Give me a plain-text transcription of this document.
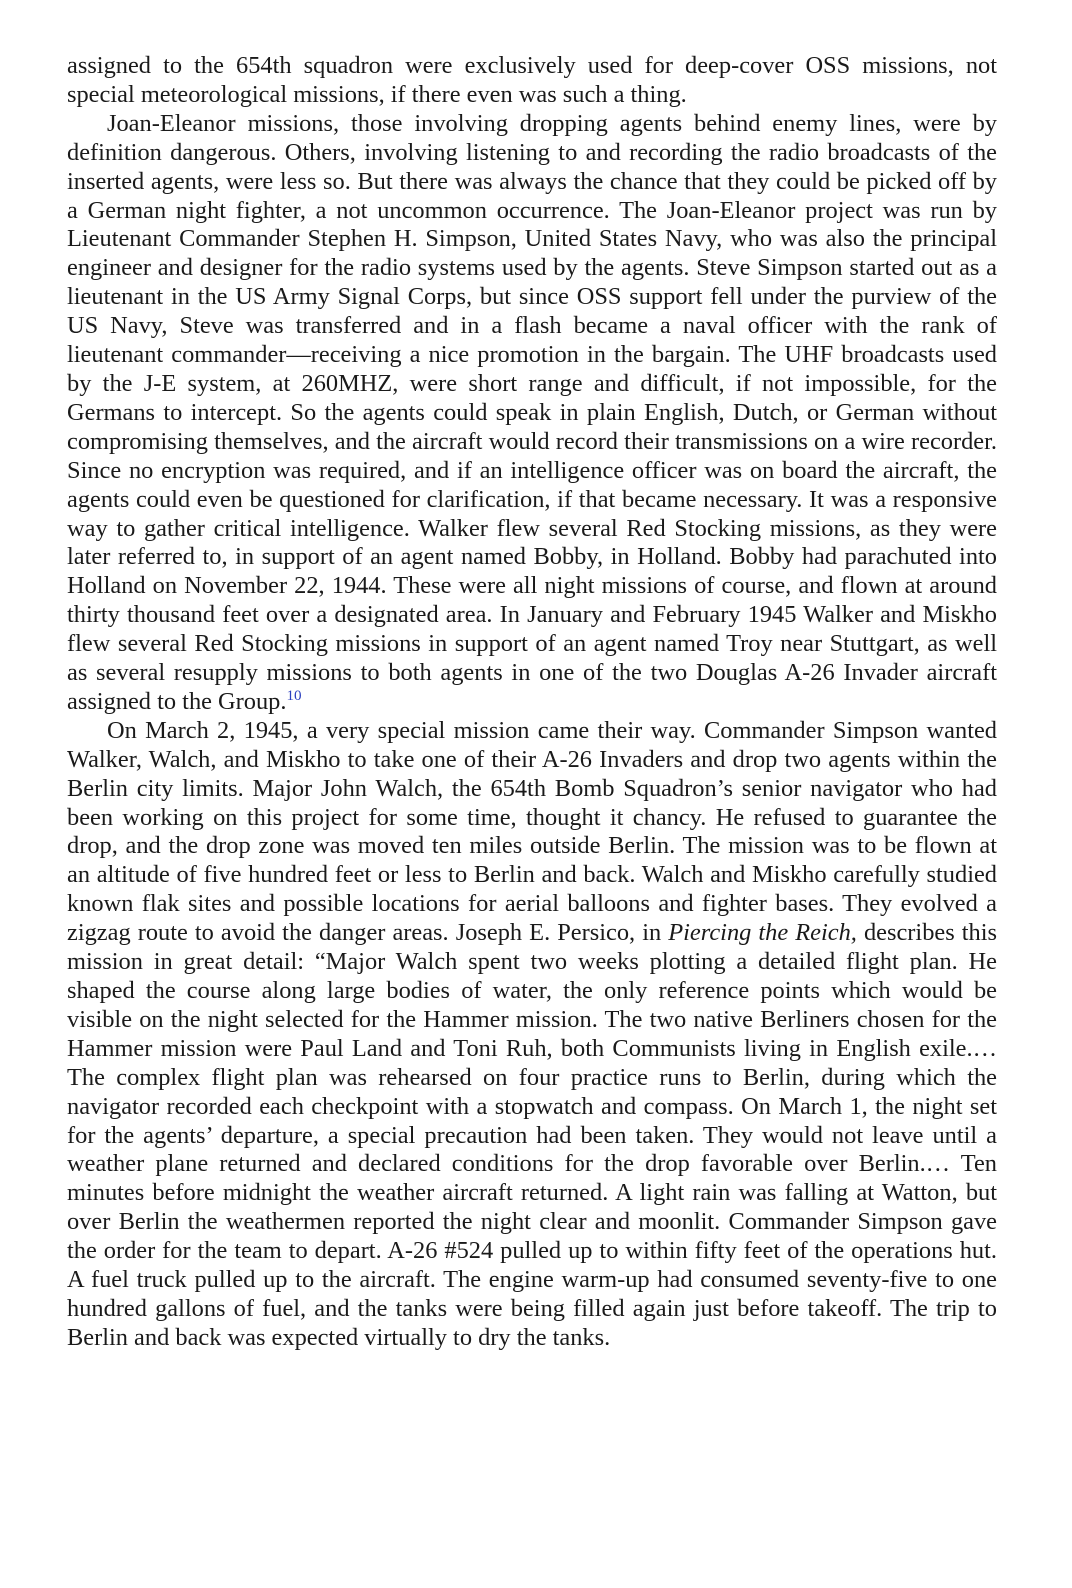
assigned to the 654th squadron were exclusively used for deep-cover OSS missions, not special meteorological missions, if there even was such a thing.

Joan-Eleanor missions, those involving dropping agents behind enemy lines, were by definition dangerous. Others, involving listening to and recording the radio broadcasts of the inserted agents, were less so. But there was always the chance that they could be picked off by a German night fighter, a not uncommon occurrence. The Joan-Eleanor project was run by Lieutenant Commander Stephen H. Simpson, United States Navy, who was also the principal engineer and designer for the radio systems used by the agents. Steve Simpson started out as a lieutenant in the US Army Signal Corps, but since OSS support fell under the purview of the US Navy, Steve was transferred and in a flash became a naval officer with the rank of lieutenant commander—receiving a nice promotion in the bargain. The UHF broadcasts used by the J-E system, at 260MHZ, were short range and difficult, if not impossible, for the Germans to intercept. So the agents could speak in plain English, Dutch, or German without compromising themselves, and the aircraft would record their transmissions on a wire recorder. Since no encryption was required, and if an intelligence officer was on board the aircraft, the agents could even be questioned for clarification, if that became necessary. It was a responsive way to gather critical intelligence. Walker flew several Red Stocking missions, as they were later referred to, in support of an agent named Bobby, in Holland. Bobby had parachuted into Holland on November 22, 1944. These were all night missions of course, and flown at around thirty thousand feet over a designated area. In January and February 1945 Walker and Miskho flew several Red Stocking missions in support of an agent named Troy near Stuttgart, as well as several resupply missions to both agents in one of the two Douglas A-26 Invader aircraft assigned to the Group.$^{10}$

On March 2, 1945, a very special mission came their way. Commander Simpson wanted Walker, Walch, and Miskho to take one of their A-26 Invaders and drop two agents within the Berlin city limits. Major John Walch, the 654th Bomb Squadron’s senior navigator who had been working on this project for some time, thought it chancy. He refused to guarantee the drop, and the drop zone was moved ten miles outside Berlin. The mission was to be flown at an altitude of five hundred feet or less to Berlin and back. Walch and Miskho carefully studied known flak sites and possible locations for aerial balloons and fighter bases. They evolved a zigzag route to avoid the danger areas. Joseph E. Persico, in Piercing the Reich, describes this mission in great detail: “Major Walch spent two weeks plotting a detailed flight plan. He shaped the course along large bodies of water, the only reference points which would be visible on the night selected for the Hammer mission. The two native Berliners chosen for the Hammer mission were Paul Land and Toni Ruh, both Communists living in English exile.… The complex flight plan was rehearsed on four practice runs to Berlin, during which the navigator recorded each checkpoint with a stopwatch and compass. On March 1, the night set for the agents’ departure, a special precaution had been taken. They would not leave until a weather plane returned and declared conditions for the drop favorable over Berlin.… Ten minutes before midnight the weather aircraft returned. A light rain was falling at Watton, but over Berlin the weathermen reported the night clear and moonlit. Commander Simpson gave the order for the team to depart. A-26 #524 pulled up to within fifty feet of the operations hut. A fuel truck pulled up to the aircraft. The engine warm-up had consumed seventy-five to one hundred gallons of fuel, and the tanks were being filled again just before takeoff. The trip to Berlin and back was expected virtually to dry the tanks.
